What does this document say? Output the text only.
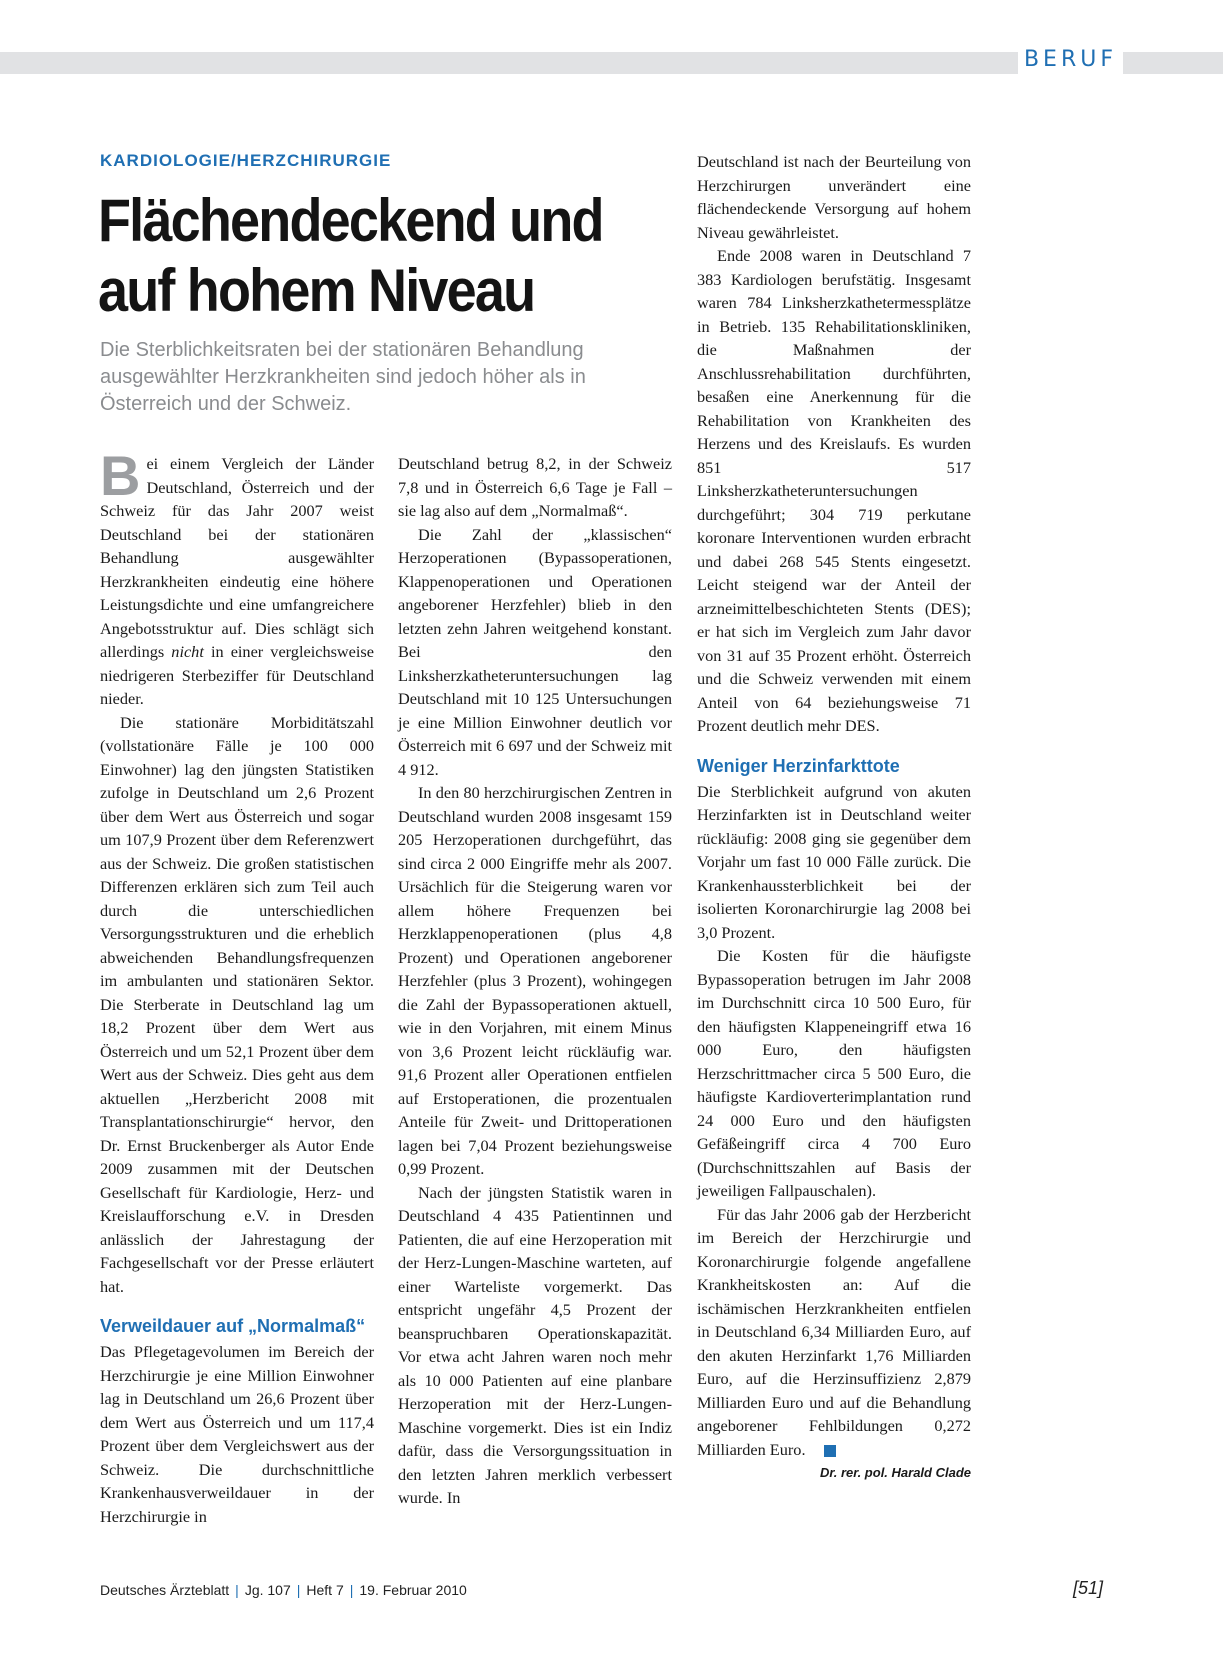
BERUF
KARDIOLOGIE/HERZCHIRURGIE
Flächendeckend und auf hohem Niveau

Die Sterblichkeitsraten bei der stationären Behandlung ausgewählter Herzkrankheiten sind jedoch höher als in Österreich und der Schweiz.

Bei einem Vergleich der Länder Deutschland, Österreich und der Schweiz für das Jahr 2007 weist Deutschland bei der stationären Behandlung ausgewählter Herzkrankheiten eindeutig eine höhere Leistungsdichte und eine umfangreichere Angebotsstruktur auf. Dies schlägt sich allerdings nicht in einer vergleichsweise niedrigeren Sterbeziffer für Deutschland nieder.

Die stationäre Morbiditätszahl (vollstationäre Fälle je 100 000 Einwohner) lag den jüngsten Statistiken zufolge in Deutschland um 2,6 Prozent über dem Wert aus Österreich und sogar um 107,9 Prozent über dem Referenzwert aus der Schweiz. Die großen statistischen Differenzen erklären sich zum Teil auch durch die unterschiedlichen Versorgungsstrukturen und die erheblich abweichenden Behandlungsfrequenzen im ambulanten und stationären Sektor. Die Sterberate in Deutschland lag um 18,2 Prozent über dem Wert aus Österreich und um 52,1 Prozent über dem Wert aus der Schweiz. Dies geht aus dem aktuellen „Herzbericht 2008 mit Transplantationschirurgie“ hervor, den Dr. Ernst Bruckenberger als Autor Ende 2009 zusammen mit der Deutschen Gesellschaft für Kardiologie, Herz- und Kreislaufforschung e.V. in Dresden anlässlich der Jahrestagung der Fachgesellschaft vor der Presse erläutert hat.

Verweildauer auf „Normalmaß“

Das Pflegetagevolumen im Bereich der Herzchirurgie je eine Million Einwohner lag in Deutschland um 26,6 Prozent über dem Wert aus Österreich und um 117,4 Prozent über dem Vergleichswert aus der Schweiz. Die durchschnittliche Krankenhausverweildauer in der Herzchirurgie in

Deutschland betrug 8,2, in der Schweiz 7,8 und in Österreich 6,6 Tage je Fall – sie lag also auf dem „Normalmaß“.

Die Zahl der „klassischen“ Herzoperationen (Bypassoperationen, Klappenoperationen und Operationen angeborener Herzfehler) blieb in den letzten zehn Jahren weitgehend konstant. Bei den Linksherzkatheteruntersuchungen lag Deutschland mit 10 125 Untersuchungen je eine Million Einwohner deutlich vor Österreich mit 6 697 und der Schweiz mit 4 912.

In den 80 herzchirurgischen Zentren in Deutschland wurden 2008 insgesamt 159 205 Herzoperationen durchgeführt, das sind circa 2 000 Eingriffe mehr als 2007. Ursächlich für die Steigerung waren vor allem höhere Frequenzen bei Herzklappenoperationen (plus 4,8 Prozent) und Operationen angeborener Herzfehler (plus 3 Prozent), wohingegen die Zahl der Bypassoperationen aktuell, wie in den Vorjahren, mit einem Minus von 3,6 Prozent leicht rückläufig war. 91,6 Prozent aller Operationen entfielen auf Erstoperationen, die prozentualen Anteile für Zweit- und Drittoperationen lagen bei 7,04 Prozent beziehungsweise 0,99 Prozent.

Nach der jüngsten Statistik waren in Deutschland 4 435 Patientinnen und Patienten, die auf eine Herzoperation mit der Herz-Lungen-Maschine warteten, auf einer Warteliste vorgemerkt. Das entspricht ungefähr 4,5 Prozent der beanspruchbaren Operationskapazität. Vor etwa acht Jahren waren noch mehr als 10 000 Patienten auf eine planbare Herzoperation mit der Herz-Lungen-Maschine vorgemerkt. Dies ist ein Indiz dafür, dass die Versorgungssituation in den letzten Jahren merklich verbessert wurde. In

Deutschland ist nach der Beurteilung von Herzchirurgen unverändert eine flächendeckende Versorgung auf hohem Niveau gewährleistet.

Ende 2008 waren in Deutschland 7 383 Kardiologen berufstätig. Insgesamt waren 784 Linksherzkathetermessplätze in Betrieb. 135 Rehabilitationskliniken, die Maßnahmen der Anschlussrehabilitation durchführten, besaßen eine Anerkennung für die Rehabilitation von Krankheiten des Herzens und des Kreislaufs. Es wurden 851 517 Linksherzkatheteruntersuchungen durchgeführt; 304 719 perkutane koronare Interventionen wurden erbracht und dabei 268 545 Stents eingesetzt. Leicht steigend war der Anteil der arzneimittelbeschichteten Stents (DES); er hat sich im Vergleich zum Jahr davor von 31 auf 35 Prozent erhöht. Österreich und die Schweiz verwenden mit einem Anteil von 64 beziehungsweise 71 Prozent deutlich mehr DES.

Weniger Herzinfarkttote

Die Sterblichkeit aufgrund von akuten Herzinfarkten ist in Deutschland weiter rückläufig: 2008 ging sie gegenüber dem Vorjahr um fast 10 000 Fälle zurück. Die Krankenhaussterblichkeit bei der isolierten Koronarchirurgie lag 2008 bei 3,0 Prozent.

Die Kosten für die häufigste Bypassoperation betrugen im Jahr 2008 im Durchschnitt circa 10 500 Euro, für den häufigsten Klappeneingriff etwa 16 000 Euro, den häufigsten Herzschrittmacher circa 5 500 Euro, die häufigste Kardioverterimplantation rund 24 000 Euro und den häufigsten Gefäßeingriff circa 4 700 Euro (Durchschnittszahlen auf Basis der jeweiligen Fallpauschalen).

Für das Jahr 2006 gab der Herzbericht im Bereich der Herzchirurgie und Koronarchirurgie folgende angefallene Krankheitskosten an: Auf die ischämischen Herzkrankheiten entfielen in Deutschland 6,34 Milliarden Euro, auf den akuten Herzinfarkt 1,76 Milliarden Euro, auf die Herzinsuffizienz 2,879 Milliarden Euro und auf die Behandlung angeborener Fehlbildungen 0,272 Milliarden Euro.

Dr. rer. pol. Harald Clade

Deutsches Ärzteblatt | Jg. 107 | Heft 7 | 19. Februar 2010	[51]
